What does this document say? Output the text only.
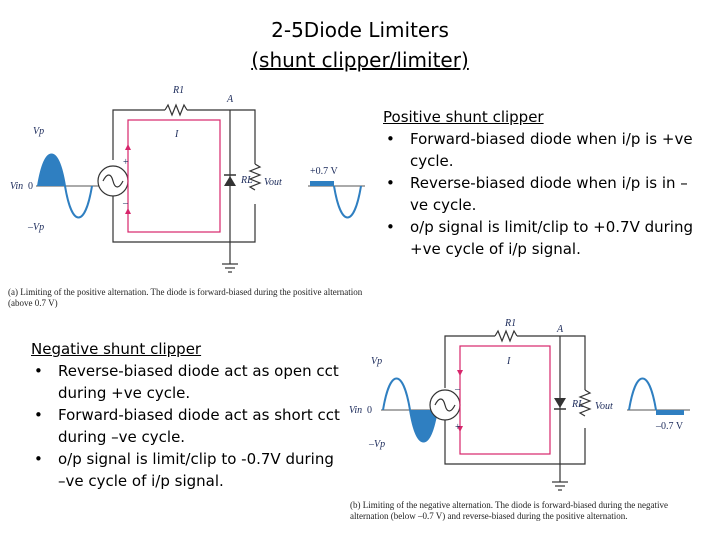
2-5Diode Limiters
(shunt clipper/limiter)
Vp
Vin 0
–Vp
R1
A
I
+
–
RL Vout
+0.7 V
(a) Limiting of the positive alternation. The diode is forward-biased during the positive alternation (above 0.7 V)
Positive shunt clipper
• Forward-biased diode when i/p is +ve cycle.
• Reverse-biased diode when i/p is in –ve cycle.
• o/p signal is limit/clip to +0.7V during +ve cycle of i/p signal.
Negative shunt clipper
• Reverse-biased diode act as open cct during +ve cycle.
• Forward-biased diode act as short cct during –ve cycle.
• o/p signal is limit/clip to -0.7V during –ve cycle of i/p signal.
Vp
Vin 0
–Vp
R1
A
I
–
+
RL Vout
–0.7 V
(b) Limiting of the negative alternation. The diode is forward-biased during the negative alternation (below –0.7 V) and reverse-biased during the positive alternation.
